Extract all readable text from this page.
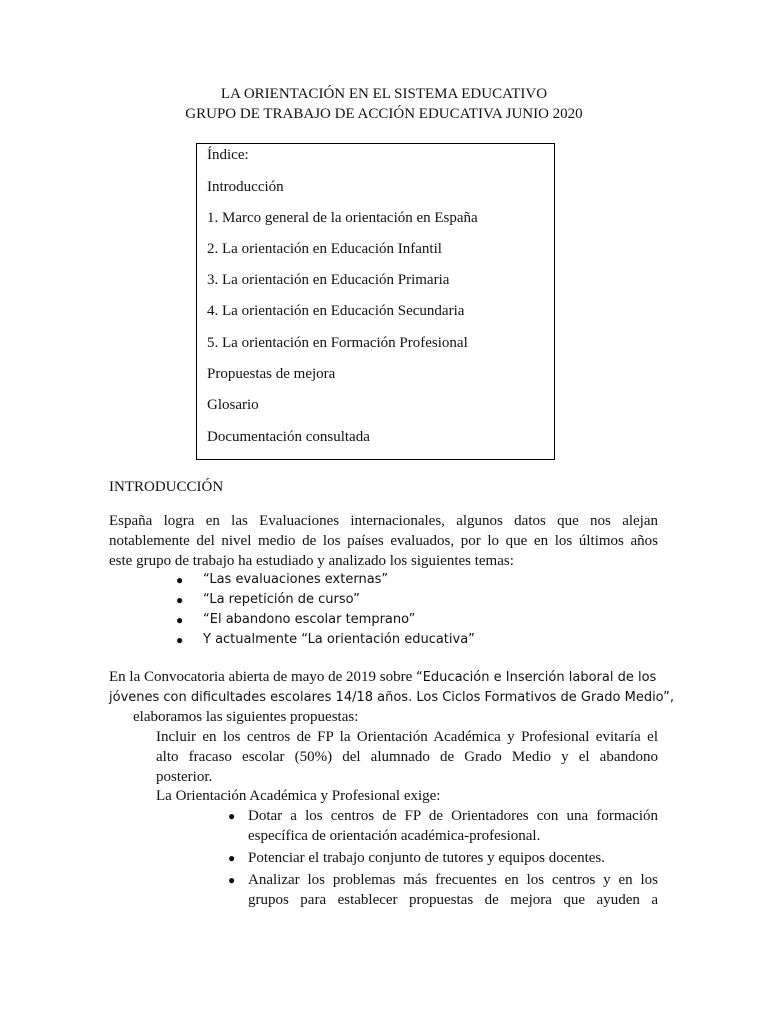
LA ORIENTACIÓN EN EL SISTEMA EDUCATIVO
GRUPO DE TRABAJO DE ACCIÓN EDUCATIVA JUNIO 2020
Índice:
Introducción
1. Marco general de la orientación en España
2. La orientación en Educación Infantil
3. La orientación en Educación Primaria
4. La orientación en Educación Secundaria
5. La orientación en Formación Profesional
Propuestas de mejora
Glosario
Documentación consultada
INTRODUCCIÓN
España logra en las Evaluaciones internacionales, algunos datos que nos alejan
notablemente del nivel medio de los países evaluados, por lo que en los últimos años
este grupo de trabajo ha estudiado y analizado los siguientes temas:
● “Las evaluaciones externas”
● “La repetición de curso”
● “El abandono escolar temprano”
● Y actualmente “La orientación educativa”
En la Convocatoria abierta de mayo de 2019 sobre “Educación e Inserción laboral de los
jóvenes con dificultades escolares 14/18 años. Los Ciclos Formativos de Grado Medio”,
elaboramos las siguientes propuestas:
Incluir en los centros de FP la Orientación Académica y Profesional evitaría el
alto fracaso escolar (50%) del alumnado de Grado Medio y el abandono
posterior.
La Orientación Académica y Profesional exige:
● Dotar a los centros de FP de Orientadores con una formación
específica de orientación académica-profesional.
● Potenciar el trabajo conjunto de tutores y equipos docentes.
● Analizar los problemas más frecuentes en los centros y en los
grupos para establecer propuestas de mejora que ayuden a
